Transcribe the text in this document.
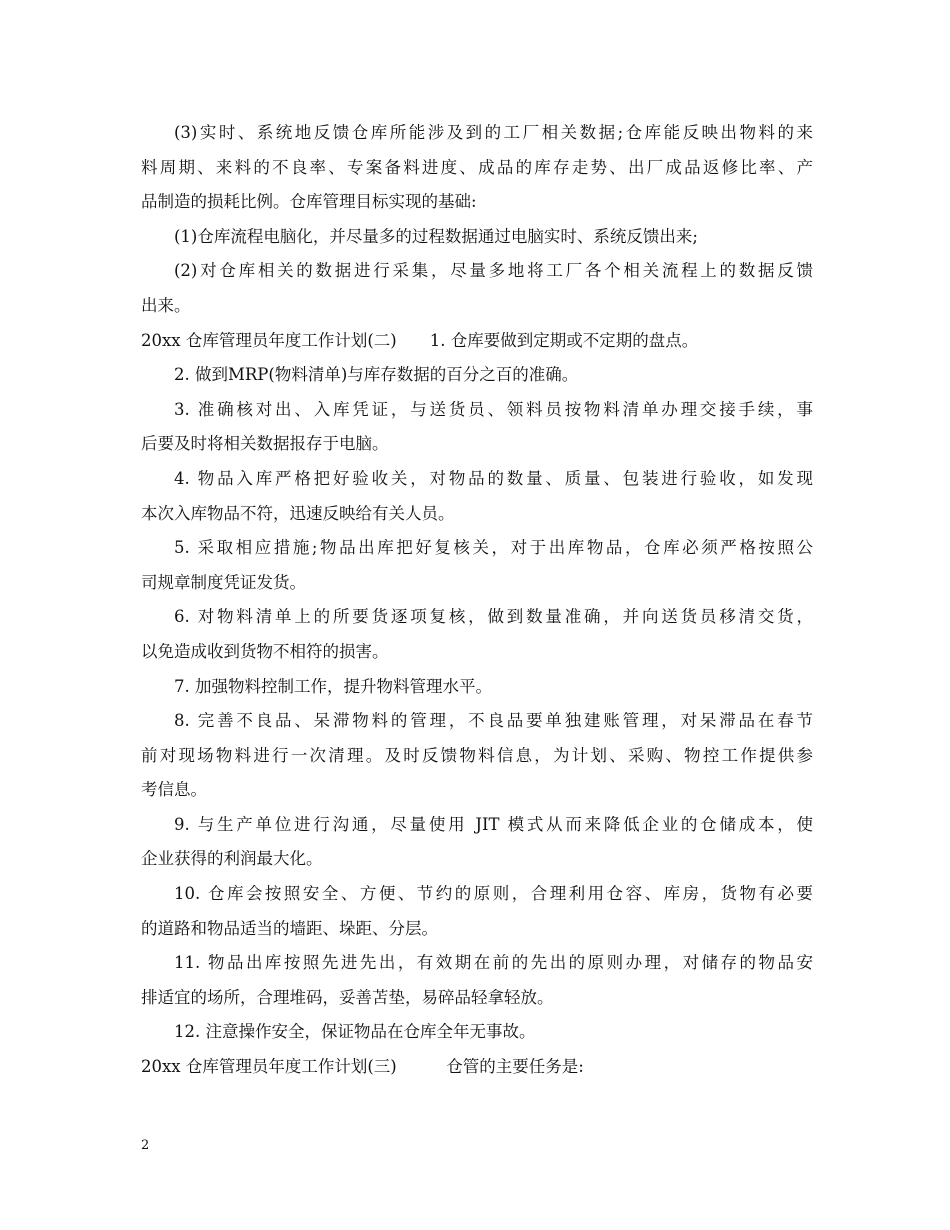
(3)实时、系统地反馈仓库所能涉及到的工厂相关数据;仓库能反映出物料的来
料周期、来料的不良率、专案备料进度、成品的库存走势、出厂成品返修比率、产
品制造的损耗比例。仓库管理目标实现的基础:
(1)仓库流程电脑化，并尽量多的过程数据通过电脑实时、系统反馈出来;
(2)对仓库相关的数据进行采集，尽量多地将工厂各个相关流程上的数据反馈
出来。
20xx 仓库管理员年度工作计划(二)　　1. 仓库要做到定期或不定期的盘点。
2. 做到MRP(物料清单)与库存数据的百分之百的准确。
3. 准确核对出、入库凭证，与送货员、领料员按物料清单办理交接手续，事
后要及时将相关数据报存于电脑。
4. 物品入库严格把好验收关，对物品的数量、质量、包装进行验收，如发现
本次入库物品不符，迅速反映给有关人员。
5. 采取相应措施;物品出库把好复核关，对于出库物品，仓库必须严格按照公
司规章制度凭证发货。
6. 对物料清单上的所要货逐项复核，做到数量准确，并向送货员移清交货，
以免造成收到货物不相符的损害。
7. 加强物料控制工作，提升物料管理水平。
8. 完善不良品、呆滞物料的管理，不良品要单独建账管理，对呆滞品在春节
前对现场物料进行一次清理。及时反馈物料信息，为计划、采购、物控工作提供参
考信息。
9. 与生产单位进行沟通，尽量使用 JIT 模式从而来降低企业的仓储成本，使
企业获得的利润最大化。
10. 仓库会按照安全、方便、节约的原则，合理利用仓容、库房，货物有必要
的道路和物品适当的墙距、垛距、分层。
11. 物品出库按照先进先出，有效期在前的先出的原则办理，对储存的物品安
排适宜的场所，合理堆码，妥善苫垫，易碎品轻拿轻放。
12. 注意操作安全，保证物品在仓库全年无事故。
20xx 仓库管理员年度工作计划(三)　　　仓管的主要任务是:
2
